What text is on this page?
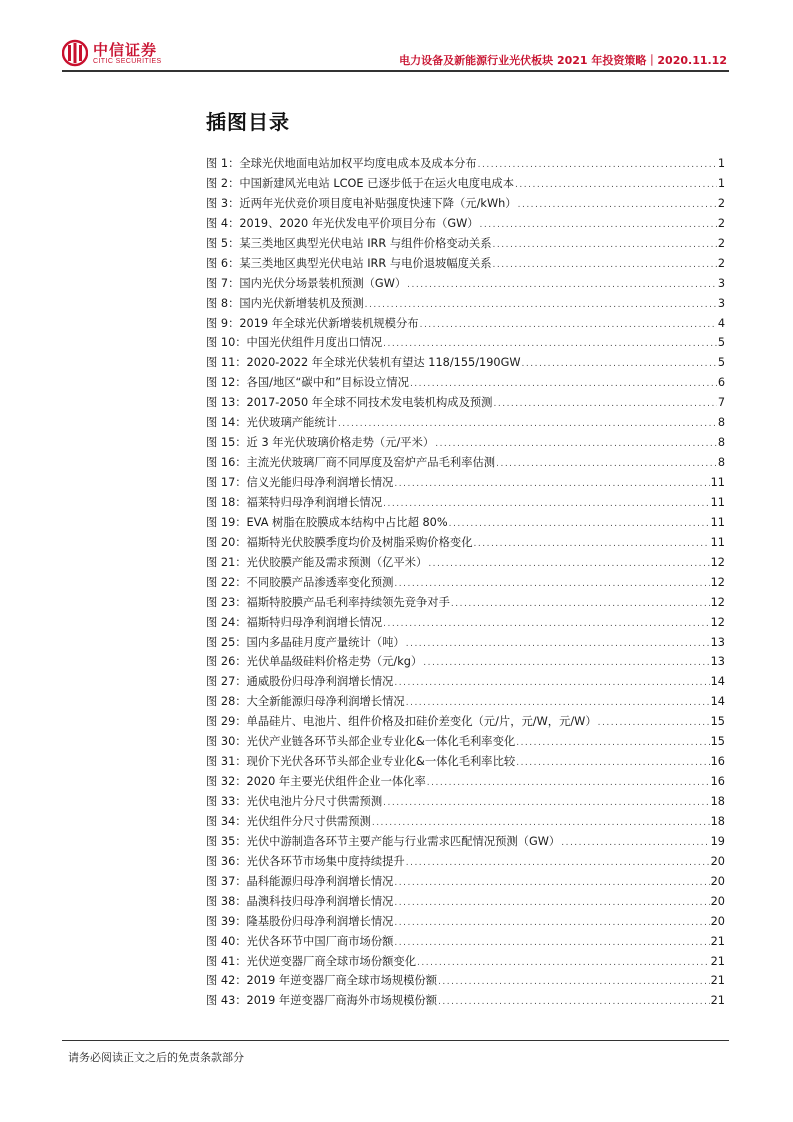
中信证券
CITIC SECURITIES	电力设备及新能源行业光伏板块 2021 年投资策略｜2020.11.12
插图目录
图 1：全球光伏地面电站加权平均度电成本及成本分布 .....	1
图 2：中国新建风光电站 LCOE 已逐步低于在运火电度电成本 .....	1
图 3：近两年光伏竞价项目度电补贴强度快速下降（元/kWh） .....	2
图 4：2019、2020 年光伏发电平价项目分布（GW） .....	2
图 5：某三类地区典型光伏电站 IRR 与组件价格变动关系 .....	2
图 6：某三类地区典型光伏电站 IRR 与电价退坡幅度关系 .....	2
图 7：国内光伏分场景装机预测（GW） .....	3
图 8：国内光伏新增装机及预测 .....	3
图 9：2019 年全球光伏新增装机规模分布 .....	4
图 10：中国光伏组件月度出口情况 .....	5
图 11：2020-2022 年全球光伏装机有望达 118/155/190GW .....	5
图 12：各国/地区“碳中和”目标设立情况 .....	6
图 13：2017-2050 年全球不同技术发电装机构成及预测 .....	7
图 14：光伏玻璃产能统计 .....	8
图 15：近 3 年光伏玻璃价格走势（元/平米） .....	8
图 16：主流光伏玻璃厂商不同厚度及窑炉产品毛利率估测 .....	8
图 17：信义光能归母净利润增长情况 .....	11
图 18：福莱特归母净利润增长情况 .....	11
图 19：EVA 树脂在胶膜成本结构中占比超 80% .....	11
图 20：福斯特光伏胶膜季度均价及树脂采购价格变化 .....	11
图 21：光伏胶膜产能及需求预测（亿平米） .....	12
图 22：不同胶膜产品渗透率变化预测 .....	12
图 23：福斯特胶膜产品毛利率持续领先竞争对手 .....	12
图 24：福斯特归母净利润增长情况 .....	12
图 25：国内多晶硅月度产量统计（吨） .....	13
图 26：光伏单晶级硅料价格走势（元/kg） .....	13
图 27：通威股份归母净利润增长情况 .....	14
图 28：大全新能源归母净利润增长情况 .....	14
图 29：单晶硅片、电池片、组件价格及扣硅价差变化（元/片，元/W，元/W） .....	15
图 30：光伏产业链各环节头部企业专业化&一体化毛利率变化 .....	15
图 31：现价下光伏各环节头部企业专业化&一体化毛利率比较 .....	16
图 32：2020 年主要光伏组件企业一体化率 .....	16
图 33：光伏电池片分尺寸供需预测 .....	18
图 34：光伏组件分尺寸供需预测 .....	18
图 35：光伏中游制造各环节主要产能与行业需求匹配情况预测（GW） .....	19
图 36：光伏各环节市场集中度持续提升 .....	20
图 37：晶科能源归母净利润增长情况 .....	20
图 38：晶澳科技归母净利润增长情况 .....	20
图 39：隆基股份归母净利润增长情况 .....	20
图 40：光伏各环节中国厂商市场份额 .....	21
图 41：光伏逆变器厂商全球市场份额变化 .....	21
图 42：2019 年逆变器厂商全球市场规模份额 .....	21
图 43：2019 年逆变器厂商海外市场规模份额 .....	21
请务必阅读正文之后的免责条款部分
